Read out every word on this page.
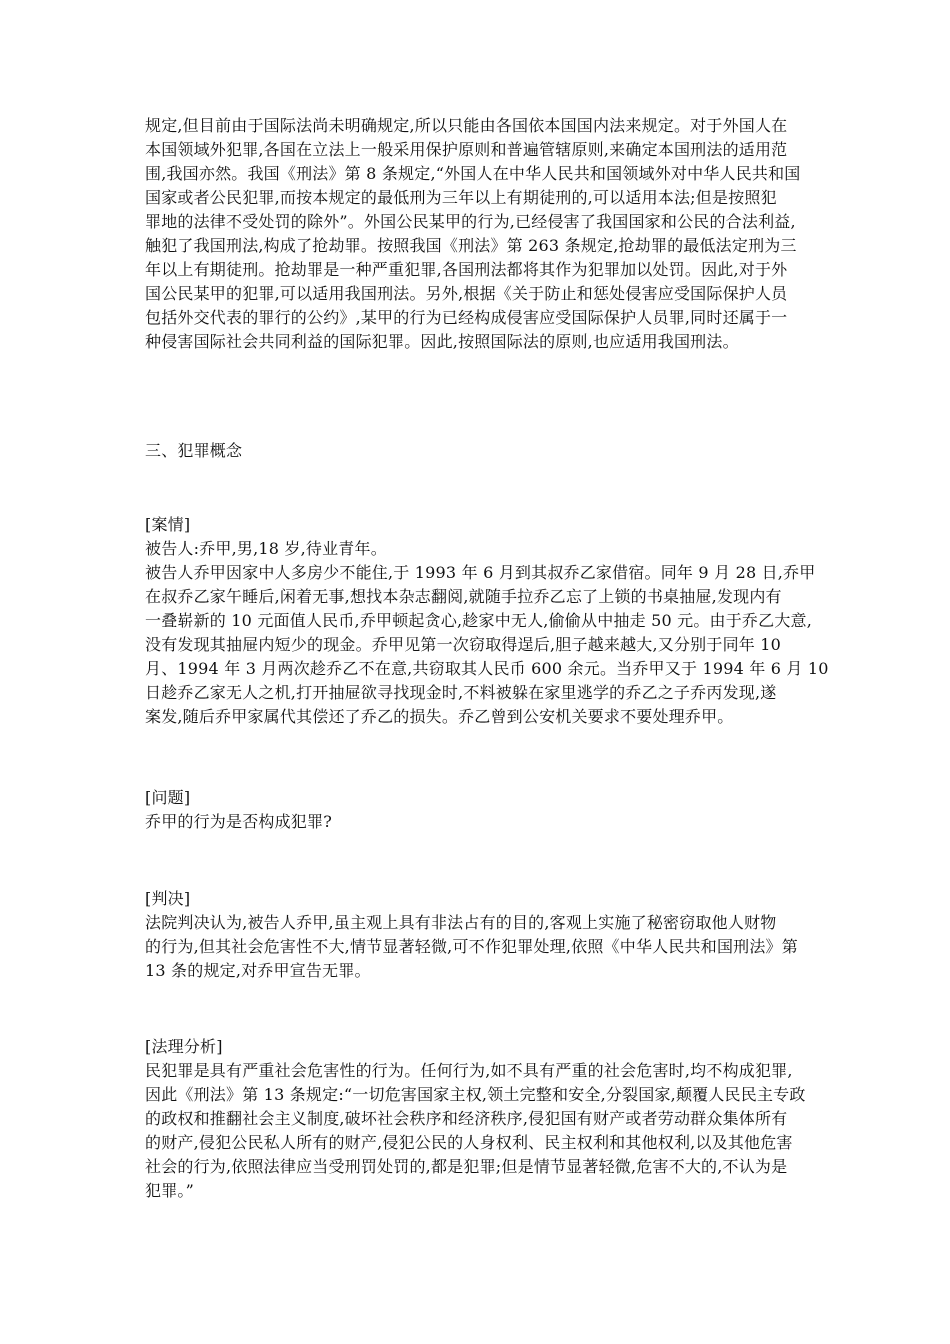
规定,但目前由于国际法尚未明确规定,所以只能由各国依本国国内法来规定。对于外国人在
本国领域外犯罪,各国在立法上一般采用保护原则和普遍管辖原则,来确定本国刑法的适用范
围,我国亦然。我国《刑法》第 8 条规定,“外国人在中华人民共和国领域外对中华人民共和国
国家或者公民犯罪,而按本规定的最低刑为三年以上有期徒刑的,可以适用本法;但是按照犯
罪地的法律不受处罚的除外”。外国公民某甲的行为,已经侵害了我国国家和公民的合法利益,
触犯了我国刑法,构成了抢劫罪。按照我国《刑法》第 263 条规定,抢劫罪的最低法定刑为三
年以上有期徒刑。抢劫罪是一种严重犯罪,各国刑法都将其作为犯罪加以处罚。因此,对于外
国公民某甲的犯罪,可以适用我国刑法。另外,根据《关于防止和惩处侵害应受国际保护人员
包括外交代表的罪行的公约》,某甲的行为已经构成侵害应受国际保护人员罪,同时还属于一
种侵害国际社会共同利益的国际犯罪。因此,按照国际法的原则,也应适用我国刑法。
三、犯罪概念
[案情]
被告人:乔甲,男,18 岁,待业青年。
被告人乔甲因家中人多房少不能住,于 1993 年 6 月到其叔乔乙家借宿。同年 9 月 28 日,乔甲
在叔乔乙家午睡后,闲着无事,想找本杂志翻阅,就随手拉乔乙忘了上锁的书桌抽屉,发现内有
一叠崭新的 10 元面值人民币,乔甲顿起贪心,趁家中无人,偷偷从中抽走 50 元。由于乔乙大意,
没有发现其抽屉内短少的现金。乔甲见第一次窃取得逞后,胆子越来越大,又分别于同年 10
月、1994 年 3 月两次趁乔乙不在意,共窃取其人民币 600 余元。当乔甲又于 1994 年 6 月 10
日趁乔乙家无人之机,打开抽屉欲寻找现金时,不料被躲在家里逃学的乔乙之子乔丙发现,遂
案发,随后乔甲家属代其偿还了乔乙的损失。乔乙曾到公安机关要求不要处理乔甲。
[问题]
乔甲的行为是否构成犯罪?
[判决]
法院判决认为,被告人乔甲,虽主观上具有非法占有的目的,客观上实施了秘密窃取他人财物
的行为,但其社会危害性不大,情节显著轻微,可不作犯罪处理,依照《中华人民共和国刑法》第
13 条的规定,对乔甲宣告无罪。
[法理分析]
民犯罪是具有严重社会危害性的行为。任何行为,如不具有严重的社会危害时,均不构成犯罪,
因此《刑法》第 13 条规定:“一切危害国家主权,领土完整和安全,分裂国家,颠覆人民民主专政
的政权和推翻社会主义制度,破坏社会秩序和经济秩序,侵犯国有财产或者劳动群众集体所有
的财产,侵犯公民私人所有的财产,侵犯公民的人身权利、民主权利和其他权利,以及其他危害
社会的行为,依照法律应当受刑罚处罚的,都是犯罪;但是情节显著轻微,危害不大的,不认为是
犯罪。”
